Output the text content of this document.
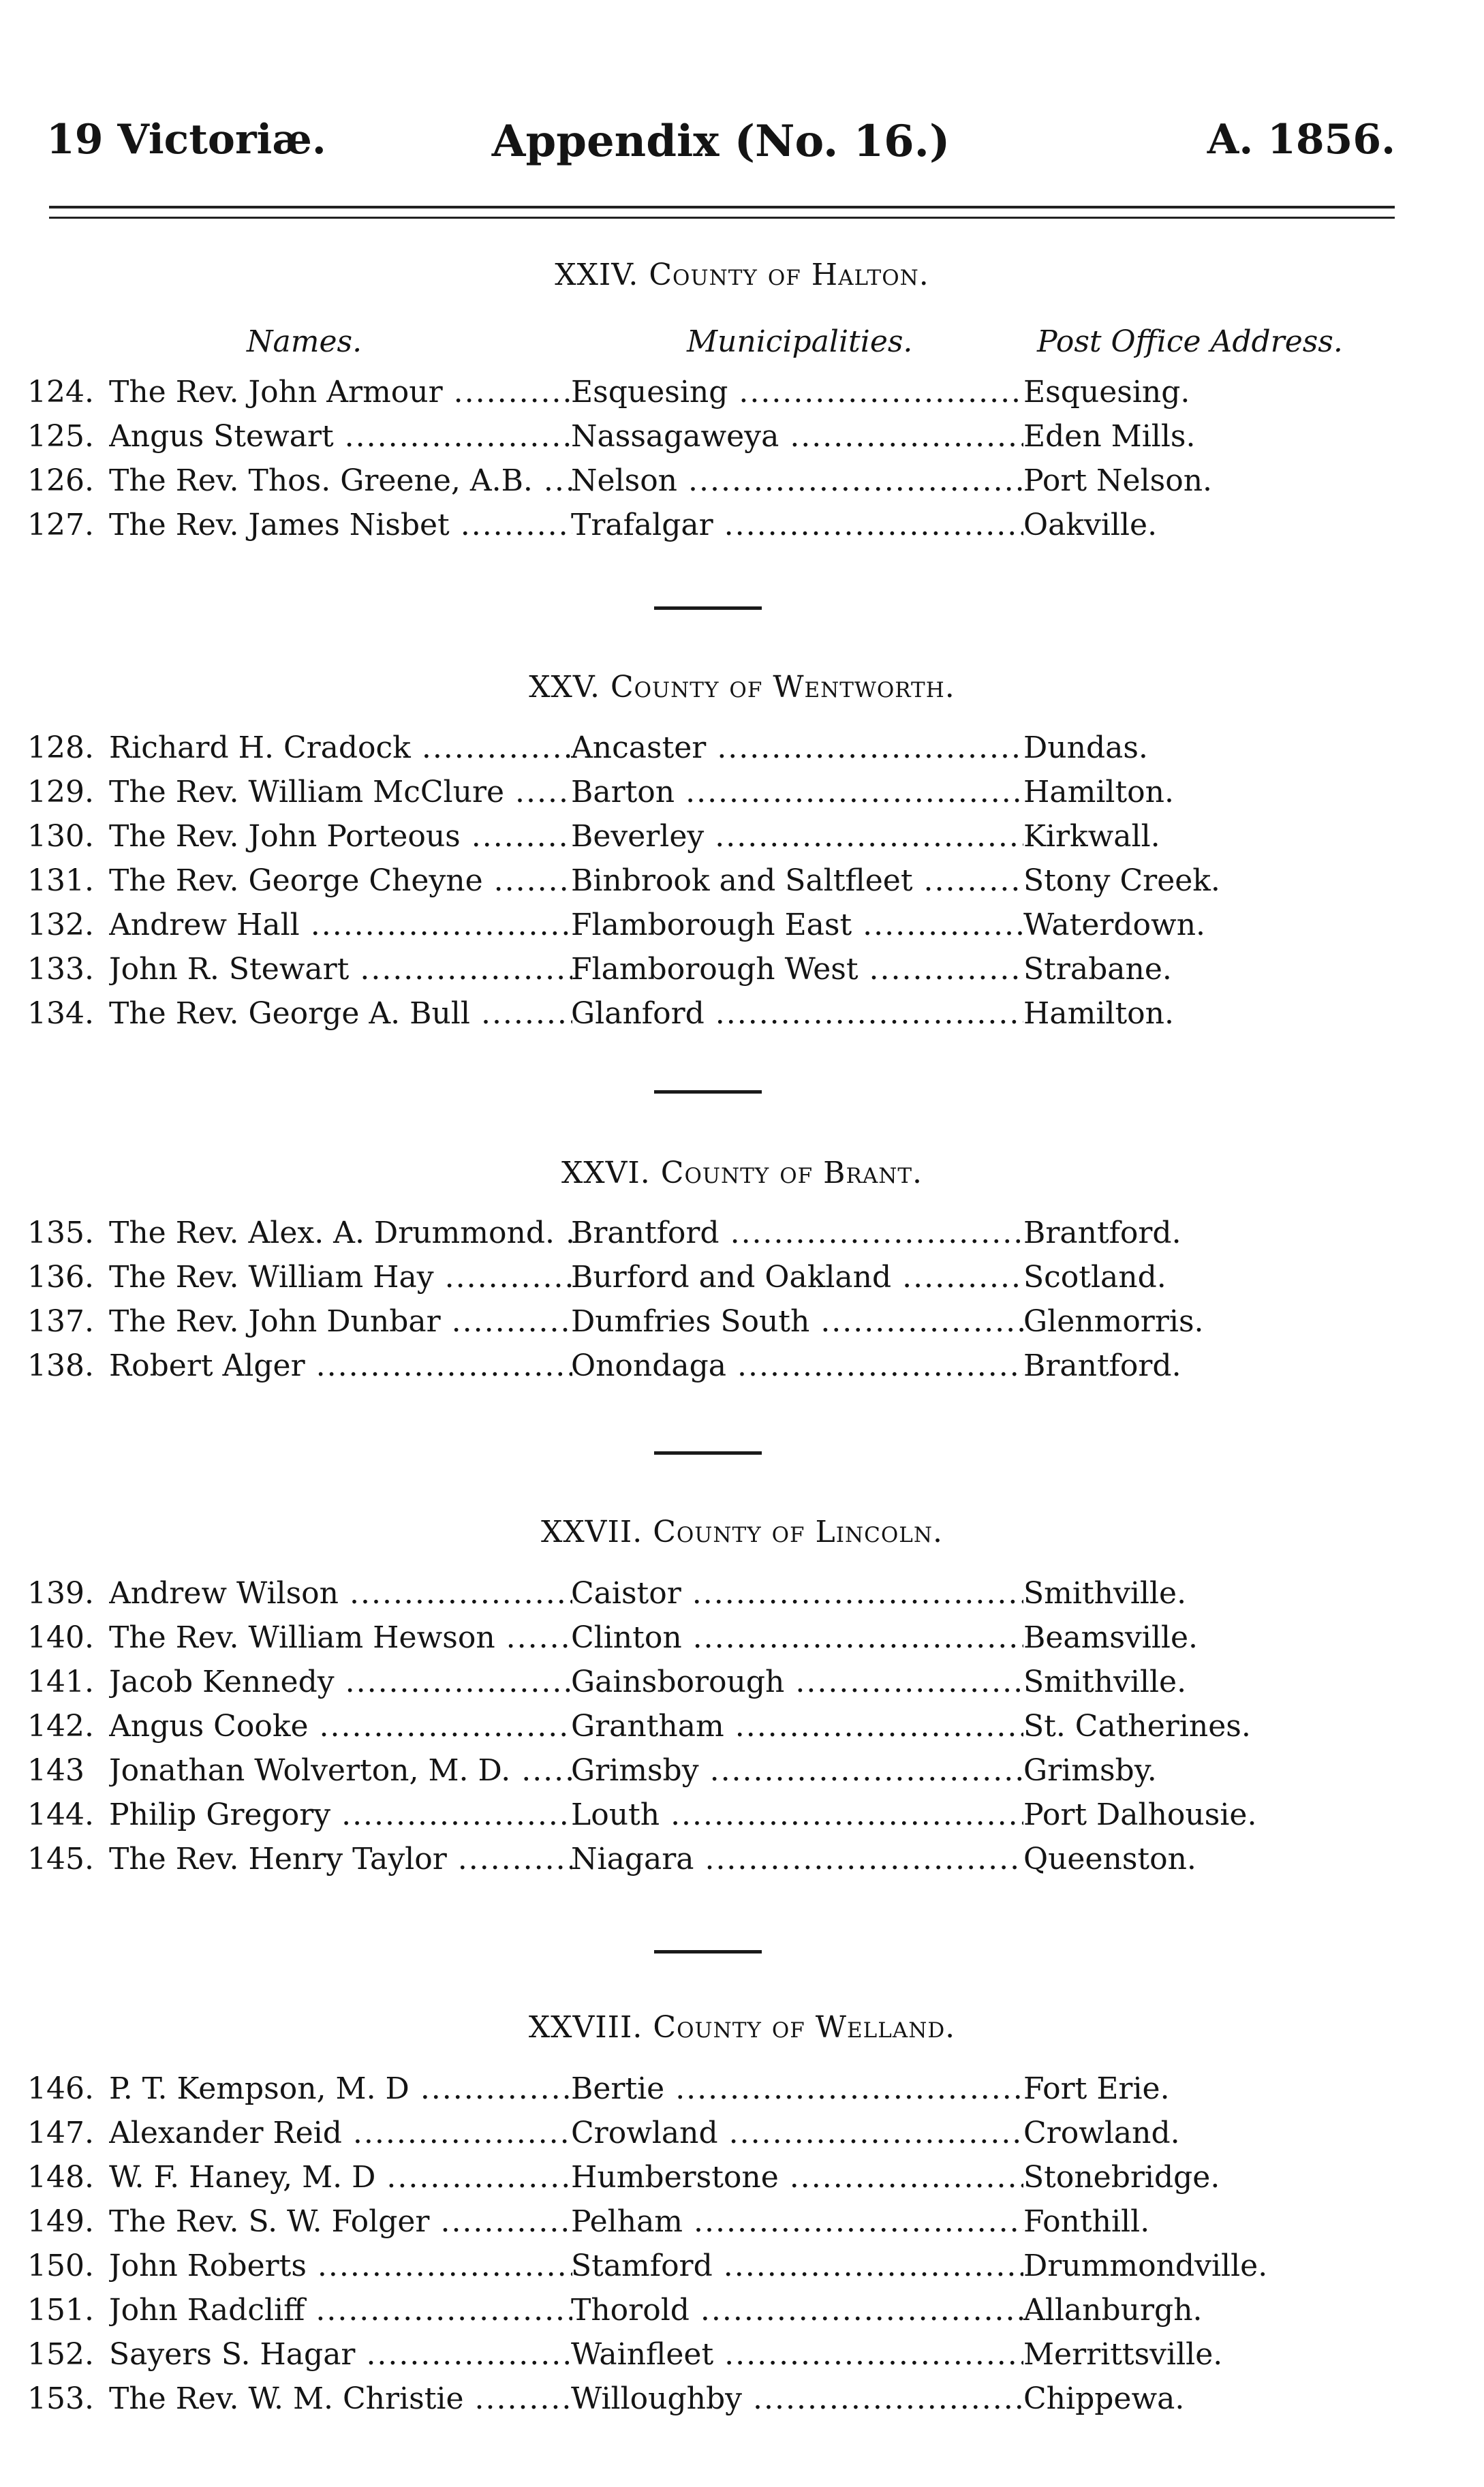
19 Victoriæ.	Appendix (No. 16.)	A. 1856.
XXIV. County of Halton.
Names.	Municipalities.	Post Office Address.
124. The Rev. John Armour .....	Esquesing .....	Esquesing.
125. Angus Stewart .....	Nassagaweya .....	Eden Mills.
126. The Rev. Thos. Greene, A.B. .....	Nelson .....	Port Nelson.
127. The Rev. James Nisbet .....	Trafalgar .....	Oakville.
XXV. County of Wentworth.
128. Richard H. Cradock .....	Ancaster .....	Dundas.
129. The Rev. William McClure .....	Barton .....	Hamilton.
130. The Rev. John Porteous .....	Beverley .....	Kirkwall.
131. The Rev. George Cheyne .....	Binbrook and Saltfleet .....	Stony Creek.
132. Andrew Hall .....	Flamborough East .....	Waterdown.
133. John R. Stewart .....	Flamborough West .....	Strabane.
134. The Rev. George A. Bull .....	Glanford .....	Hamilton.
XXVI. County of Brant.
135. The Rev. Alex. A. Drummond. ..... Brantford .....	Brantford.
136. The Rev. William Hay .....	Burford and Oakland .....	Scotland.
137. The Rev. John Dunbar .....	Dumfries South .....	Glenmorris.
138. Robert Alger .....	Onondaga .....	Brantford.
XXVII. County of Lincoln.
139. Andrew Wilson .....	Caistor .....	Smithville.
140. The Rev. William Hewson .....	Clinton .....	Beamsville.
141. Jacob Kennedy .....	Gainsborough .....	Smithville.
142. Angus Cooke .....	Grantham .....	St. Catherines.
143 Jonathan Wolverton, M. D. .....	Grimsby .....	Grimsby.
144. Philip Gregory .....	Louth .....	Port Dalhousie.
145. The Rev. Henry Taylor .....	Niagara .....	Queenston.
XXVIII. County of Welland.
146. P. T. Kempson, M. D .....	Bertie .....	Fort Erie.
147. Alexander Reid .....	Crowland .....	Crowland.
148. W. F. Haney, M. D .....	Humberstone .....	Stonebridge.
149. The Rev. S. W. Folger .....	Pelham .....	Fonthill.
150. John Roberts .....	Stamford .....	Drummondville.
151. John Radcliff .....	Thorold .....	Allanburgh.
152. Sayers S. Hagar .....	Wainfleet .....	Merrittsville.
153. The Rev. W. M. Christie .....	Willoughby .....	Chippewa.
